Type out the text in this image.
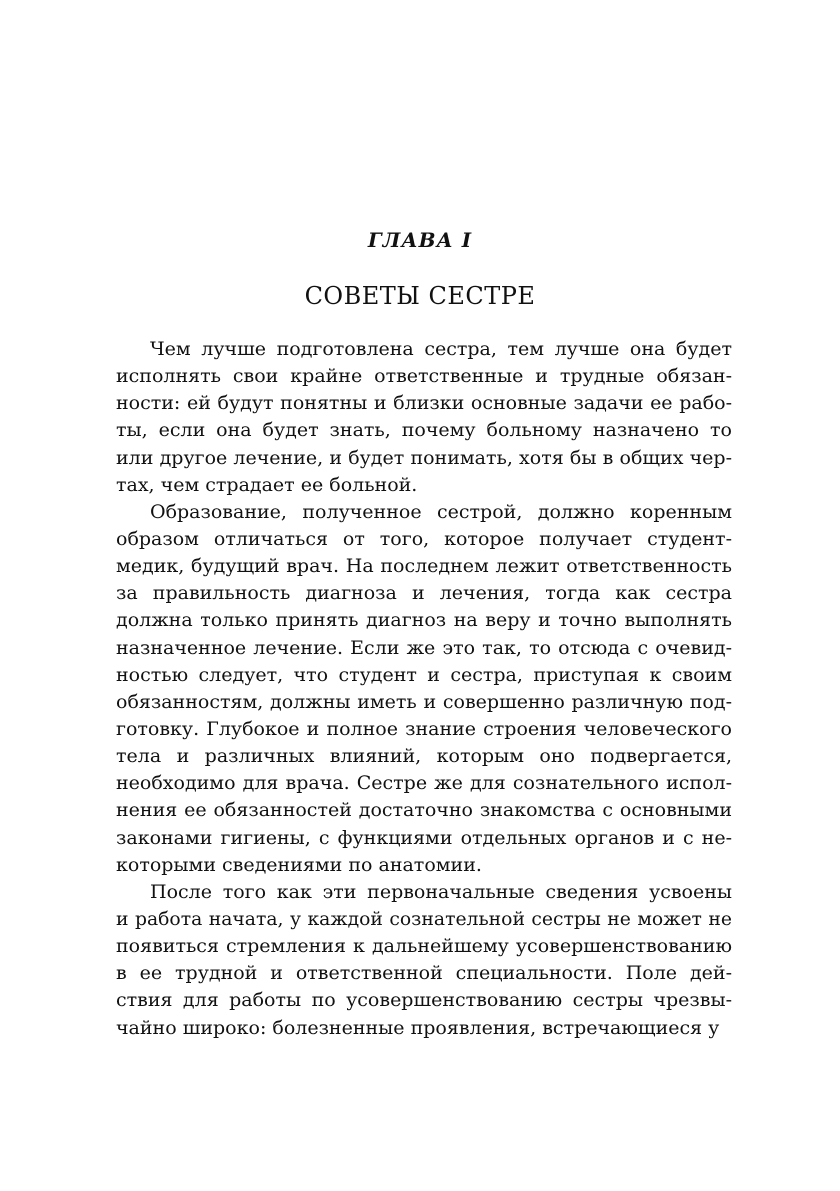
ГЛАВА I
СОВЕТЫ СЕСТРЕ
Чем лучше подготовлена сестра, тем лучше она будет
исполнять свои крайне ответственные и трудные обязан-
ности: ей будут понятны и близки основные задачи ее рабо-
ты, если она будет знать, почему больному назначено то
или другое лечение, и будет понимать, хотя бы в общих чер-
тах, чем страдает ее больной.
Образование, полученное сестрой, должно коренным
образом отличаться от того, которое получает студент-
медик, будущий врач. На последнем лежит ответственность
за правильность диагноза и лечения, тогда как сестра
должна только принять диагноз на веру и точно выполнять
назначенное лечение. Если же это так, то отсюда с очевид-
ностью следует, что студент и сестра, приступая к своим
обязанностям, должны иметь и совершенно различную под-
готовку. Глубокое и полное знание строения человеческого
тела и различных влияний, которым оно подвергается,
необходимо для врача. Сестре же для сознательного испол-
нения ее обязанностей достаточно знакомства с основными
законами гигиены, с функциями отдельных органов и с не-
которыми сведениями по анатомии.
После того как эти первоначальные сведения усвоены
и работа начата, у каждой сознательной сестры не может не
появиться стремления к дальнейшему усовершенствованию
в ее трудной и ответственной специальности. Поле дей-
ствия для работы по усовершенствованию сестры чрезвы-
чайно широко: болезненные проявления, встречающиеся у
